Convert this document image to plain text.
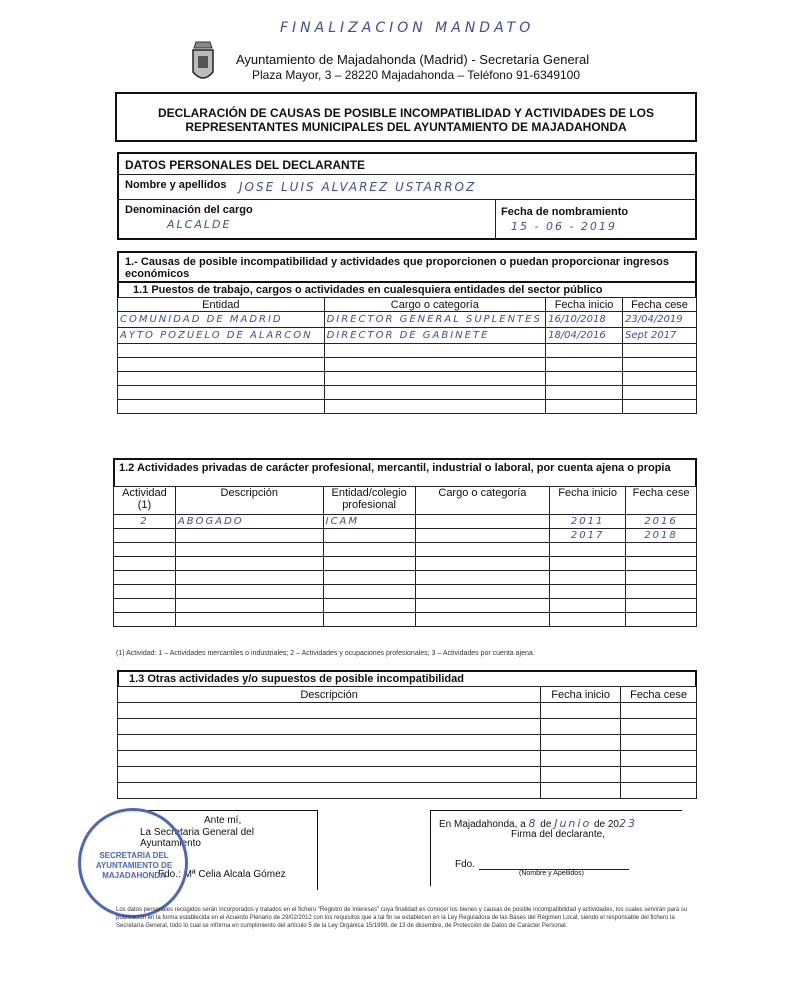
FINALIZACION MANDATO
Ayuntamiento de Majadahonda (Madrid) - Secretaría General
Plaza Mayor, 3 – 28220 Majadahonda – Teléfono 91-6349100
DECLARACIÓN DE CAUSAS DE POSIBLE INCOMPATIBLIDAD Y ACTIVIDADES DE LOS
REPRESENTANTES MUNICIPALES DEL AYUNTAMIENTO DE MAJADAHONDA
DATOS PERSONALES DEL DECLARANTE
Nombre y apellidos JOSE LUIS ALVAREZ USTARROZ
Denominación del cargo
ALCALDE
Fecha de nombramiento
15 - 06 - 2019
1.- Causas de posible incompatibilidad y actividades que proporcionen o puedan proporcionar ingresos económicos
1.1 Puestos de trabajo, cargos o actividades en cualesquiera entidades del sector público
Entidad	Cargo o categoría	Fecha inicio	Fecha cese
COMUNIDAD DE MADRID	DIRECTOR GENERAL SUPLENTES	16/10/2018	23/04/2019
AYTO POZUELO DE ALARCON	DIRECTOR DE GABINETE	18/04/2016	Sept 2017

1.2 Actividades privadas de carácter profesional, mercantil, industrial o laboral, por cuenta ajena o propia
Actividad (1)	Descripción	Entidad/colegio profesional	Cargo o categoría	Fecha inicio	Fecha cese
2	ABOGADO	ICAM		2011	2016
				2017	2018

(1) Actividad: 1 – Actividades mercantiles o industriales; 2 – Actividades y ocupaciones profesionales; 3 – Actividades por cuenta ajena.
1.3 Otras actividades y/o supuestos de posible incompatibilidad
Descripción	Fecha inicio	Fecha cese

Ante mí,
La Secretaria General del Ayuntamiento
Fdo.: Mª Celia Alcala Gómez
SECRETARIA DEL AYUNTAMIENTO DE MAJADAHONDA
En Majadahonda, a 8 de Junio de 2023
Firma del declarante,
Fdo.
(Nombre y Apellidos)
Los datos personales recogidos serán incorporados y tratados en el fichero "Registro de Intereses" cuya finalidad es conocer los bienes y causas de posible incompatibilidad y actividades, los cuales servirán para su publicación en la forma establecida en el Acuerdo Plenario de 29/02/2012 con los requisitos que a tal fin se establecen en la Ley Reguladora de las Bases del Régimen Local, siendo el responsable del fichero la Secretaría General, todo lo cual se informa en cumplimiento del artículo 5 de la Ley Orgánica 15/1999, de 13 de diciembre, de Protección de Datos de Carácter Personal.
